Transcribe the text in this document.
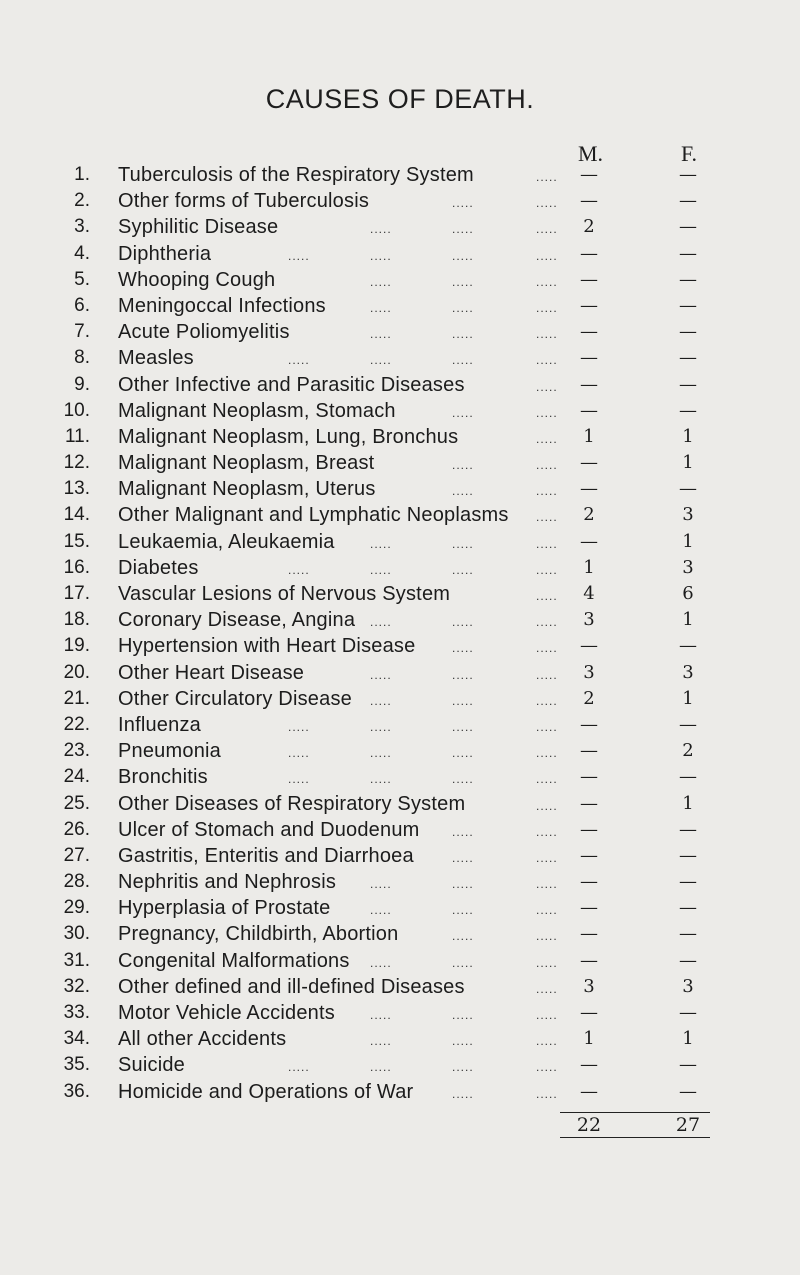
CAUSES OF DEATH.
M.	F.
1. Tuberculosis of the Respiratory System	—	—
.....
2. Other forms of Tuberculosis	—	—
.....	.....
3. Syphilitic Disease	2	—
.....	.....	.....
4. Diphtheria	—	—
.....	.....	.....	.....
5. Whooping Cough	—	—
.....	.....	.....
6. Meningoccal Infections	—	—
.....	.....	.....
7. Acute Poliomyelitis	—	—
.....	.....	.....
8. Measles	—	—
.....	.....	.....	.....
9. Other Infective and Parasitic Diseases	—	—
.....
10. Malignant Neoplasm, Stomach	—	—
.....	.....
11. Malignant Neoplasm, Lung, Bronchus	1	1
.....
12. Malignant Neoplasm, Breast	—	1
.....	.....
13. Malignant Neoplasm, Uterus	—	—
.....	.....
14. Other Malignant and Lymphatic Neoplasms	2	3
.....
15. Leukaemia, Aleukaemia	—	1
.....	.....	.....
16. Diabetes	1	3
.....	.....	.....	.....
17. Vascular Lesions of Nervous System	4	6
.....
18. Coronary Disease, Angina	3	1
.....	.....	.....
19. Hypertension with Heart Disease	—	—
.....	.....
20. Other Heart Disease	3	3
.....	.....	.....
21. Other Circulatory Disease	2	1
.....	.....	.....
22. Influenza	—	—
.....	.....	.....	.....
23. Pneumonia	—	2
.....	.....	.....	.....
24. Bronchitis	—	—
.....	.....	.....	.....
25. Other Diseases of Respiratory System	—	1
.....
26. Ulcer of Stomach and Duodenum	—	—
.....	.....
27. Gastritis, Enteritis and Diarrhoea	—	—
.....	.....
28. Nephritis and Nephrosis	—	—
.....	.....	.....
29. Hyperplasia of Prostate	—	—
.....	.....	.....
30. Pregnancy, Childbirth, Abortion	—	—
.....	.....
31. Congenital Malformations	—	—
.....	.....	.....
32. Other defined and ill-defined Diseases	3	3
.....
33. Motor Vehicle Accidents	—	—
.....	.....	.....
34. All other Accidents	1	1
.....	.....	.....
35. Suicide	—	—
.....	.....	.....	.....
36. Homicide and Operations of War	—	—
.....	.....
22	27
